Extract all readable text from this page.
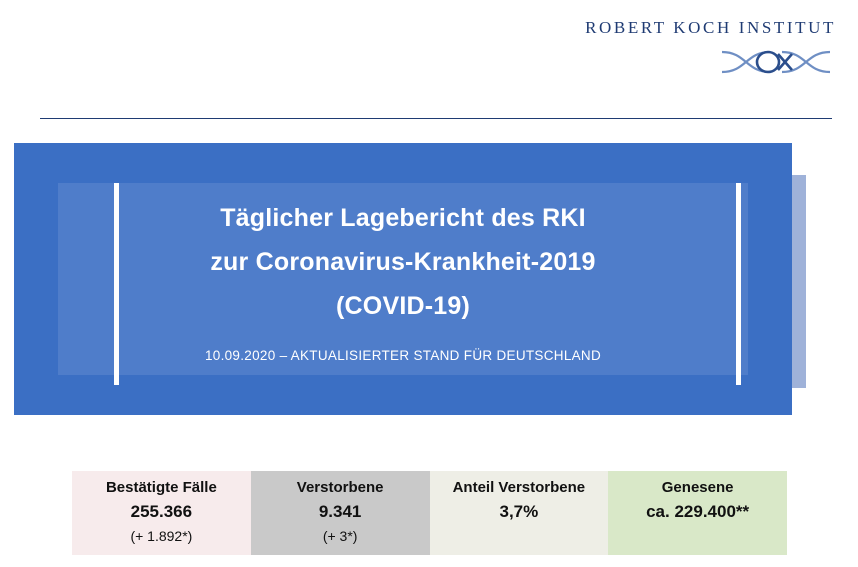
ROBERT KOCH INSTITUT
Täglicher Lagebericht des RKI
zur Coronavirus-Krankheit-2019
(COVID-19)
10.09.2020 – AKTUALISIERTER STAND FÜR DEUTSCHLAND
Bestätigte Fälle
255.366
(+ 1.892*)
Verstorbene
9.341
(+ 3*)
Anteil Verstorbene
3,7%
Genesene
ca. 229.400**
